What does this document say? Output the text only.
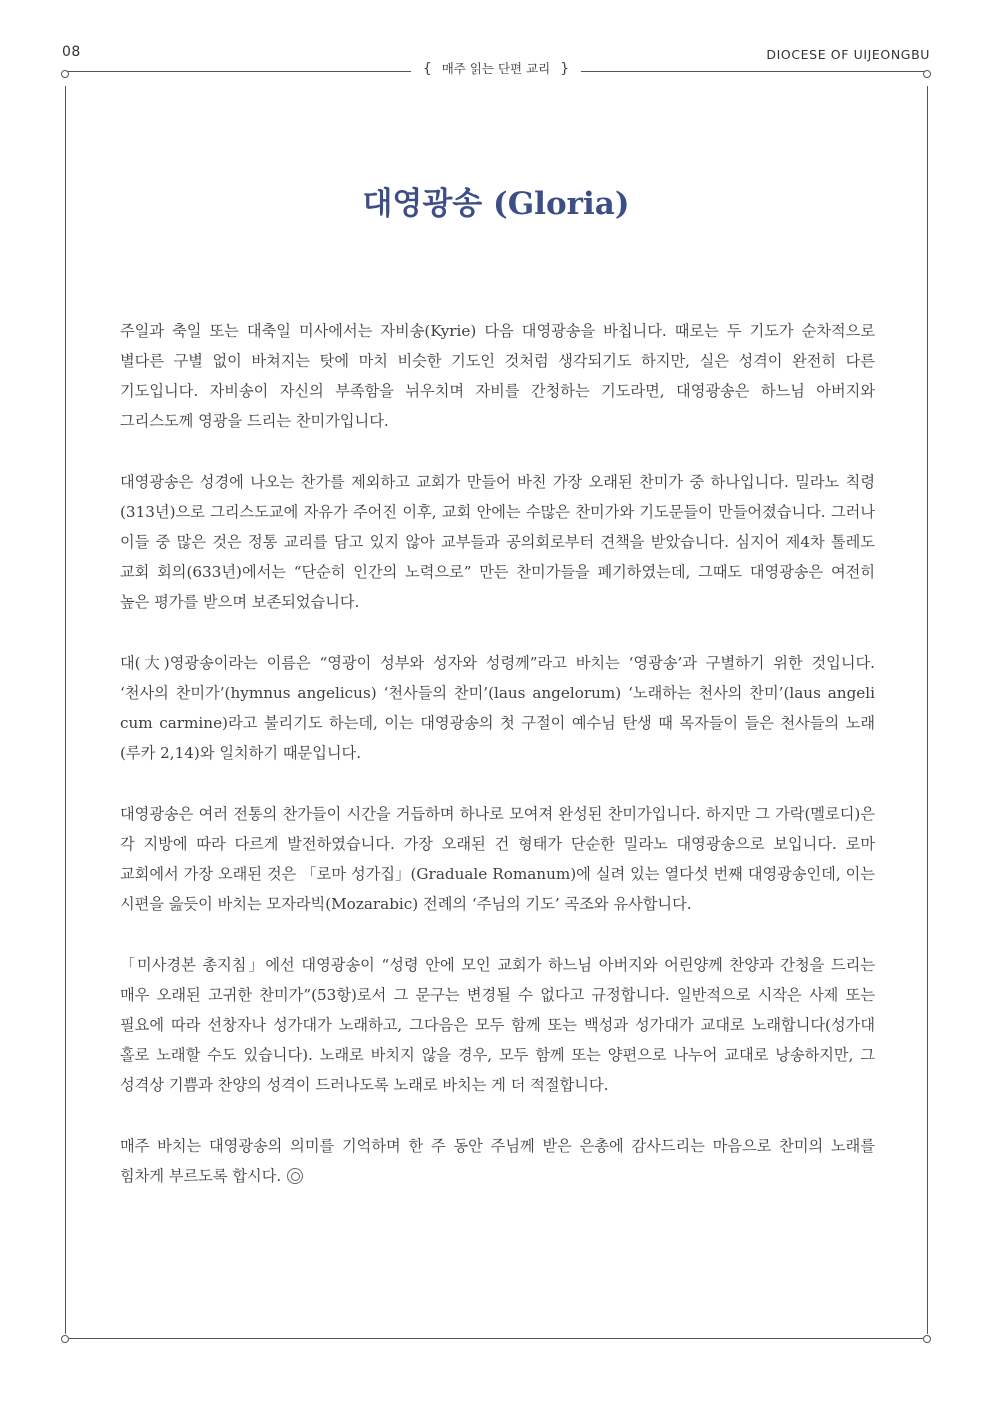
08	DIOCESE OF UIJEONGBU
{ 매주 읽는 단편 교리 }
대영광송 (Gloria)

주일과 축일 또는 대축일 미사에서는 자비송(Kyrie) 다음 대영광송을 바칩니다. 때로는 두 기도가 순차적으로 별다른 구별 없이 바쳐지는 탓에 마치 비슷한 기도인 것처럼 생각되기도 하지만, 실은 성격이 완전히 다른 기도입니다. 자비송이 자신의 부족함을 뉘우치며 자비를 간청하는 기도라면, 대영광송은 하느님 아버지와 그리스도께 영광을 드리는 찬미가입니다.

대영광송은 성경에 나오는 찬가를 제외하고 교회가 만들어 바친 가장 오래된 찬미가 중 하나입니다. 밀라노 칙령(313년)으로 그리스도교에 자유가 주어진 이후, 교회 안에는 수많은 찬미가와 기도문들이 만들어졌습니다. 그러나 이들 중 많은 것은 정통 교리를 담고 있지 않아 교부들과 공의회로부터 견책을 받았습니다. 심지어 제4차 톨레도 교회 회의(633년)에서는 “단순히 인간의 노력으로” 만든 찬미가들을 폐기하였는데, 그때도 대영광송은 여전히 높은 평가를 받으며 보존되었습니다.

대(大)영광송이라는 이름은 “영광이 성부와 성자와 성령께”라고 바치는 ‘영광송’과 구별하기 위한 것입니다. ‘천사의 찬미가’(hymnus angelicus) ‘천사들의 찬미’(laus angelorum) ‘노래하는 천사의 찬미’(laus angeli cum carmine)라고 불리기도 하는데, 이는 대영광송의 첫 구절이 예수님 탄생 때 목자들이 들은 천사들의 노래(루카 2,14)와 일치하기 때문입니다.

대영광송은 여러 전통의 찬가들이 시간을 거듭하며 하나로 모여져 완성된 찬미가입니다. 하지만 그 가락(멜로디)은 각 지방에 따라 다르게 발전하였습니다. 가장 오래된 건 형태가 단순한 밀라노 대영광송으로 보입니다. 로마 교회에서 가장 오래된 것은 「로마 성가집」(Graduale Romanum)에 실려 있는 열다섯 번째 대영광송인데, 이는 시편을 읊듯이 바치는 모자라빅(Mozarabic) 전례의 ‘주님의 기도’ 곡조와 유사합니다.

「미사경본 총지침」에선 대영광송이 “성령 안에 모인 교회가 하느님 아버지와 어린양께 찬양과 간청을 드리는 매우 오래된 고귀한 찬미가”(53항)로서 그 문구는 변경될 수 없다고 규정합니다. 일반적으로 시작은 사제 또는 필요에 따라 선창자나 성가대가 노래하고, 그다음은 모두 함께 또는 백성과 성가대가 교대로 노래합니다(성가대 홀로 노래할 수도 있습니다). 노래로 바치지 않을 경우, 모두 함께 또는 양편으로 나누어 교대로 낭송하지만, 그 성격상 기쁨과 찬양의 성격이 드러나도록 노래로 바치는 게 더 적절합니다.

매주 바치는 대영광송의 의미를 기억하며 한 주 동안 주님께 받은 은총에 감사드리는 마음으로 찬미의 노래를 힘차게 부르도록 합시다.
